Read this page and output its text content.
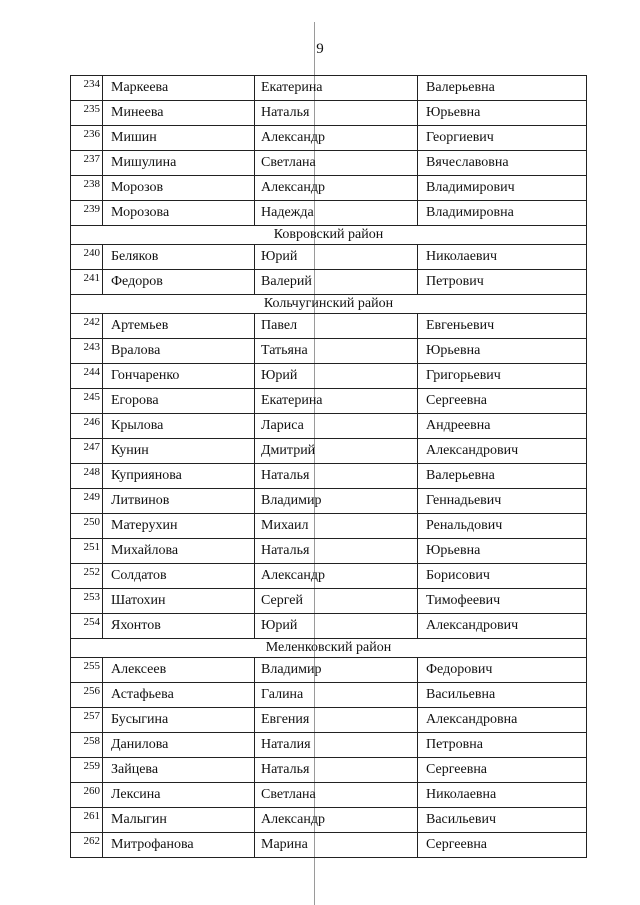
9
234	Маркеева	Екатерина	Валерьевна
235	Минеева	Наталья	Юрьевна
236	Мишин	Александр	Георгиевич
237	Мишулина	Светлана	Вячеславовна
238	Морозов	Александр	Владимирович
239	Морозова	Надежда	Владимировна
Ковровский район			
240	Беляков	Юрий	Николаевич
241	Федоров	Валерий	Петрович
Кольчугинский район			
242	Артемьев	Павел	Евгеньевич
243	Вралова	Татьяна	Юрьевна
244	Гончаренко	Юрий	Григорьевич
245	Егорова	Екатерина	Сергеевна
246	Крылова	Лариса	Андреевна
247	Кунин	Дмитрий	Александрович
248	Куприянова	Наталья	Валерьевна
249	Литвинов	Владимир	Геннадьевич
250	Матерухин	Михаил	Ренальдович
251	Михайлова	Наталья	Юрьевна
252	Солдатов	Александр	Борисович
253	Шатохин	Сергей	Тимофеевич
254	Яхонтов	Юрий	Александрович
Меленковский район			
255	Алексеев	Владимир	Федорович
256	Астафьева	Галина	Васильевна
257	Бусыгина	Евгения	Александровна
258	Данилова	Наталия	Петровна
259	Зайцева	Наталья	Сергеевна
260	Лексина	Светлана	Николаевна
261	Малыгин	Александр	Васильевич
262	Митрофанова	Марина	Сергеевна
